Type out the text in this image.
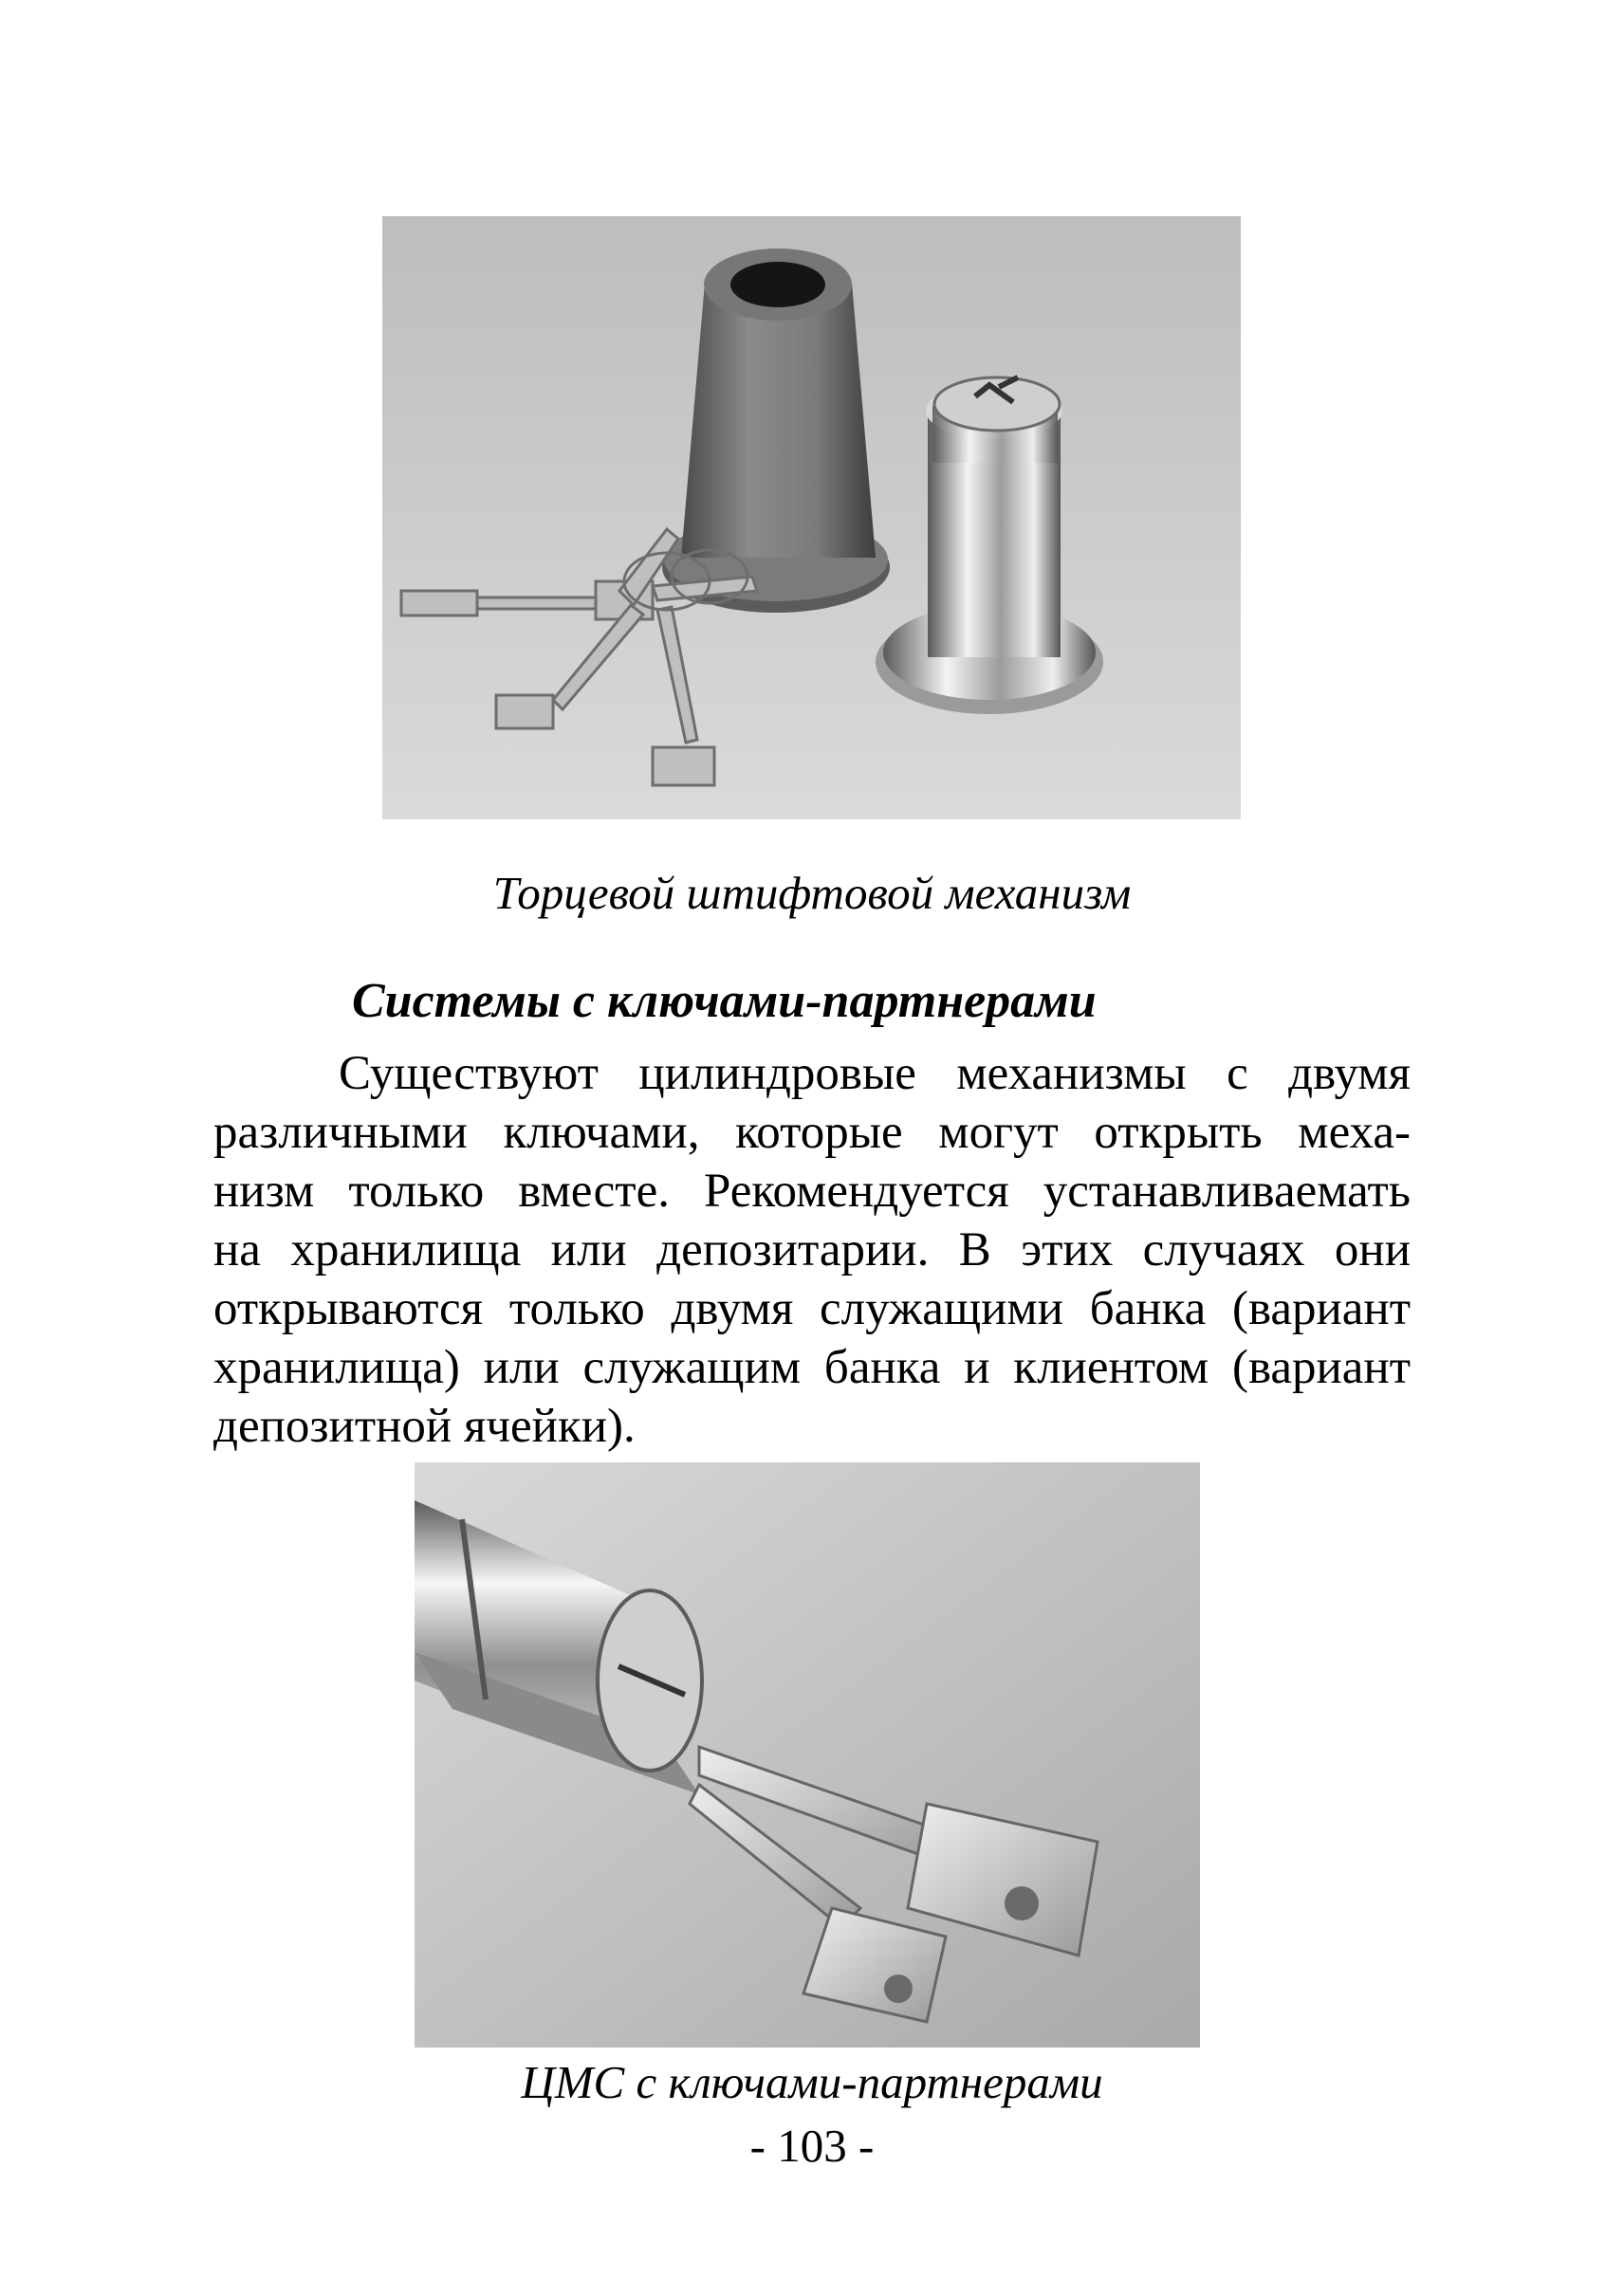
Торцевой штифтовой механизм
Системы с ключами-партнерами
Существуют цилиндровые механизмы с двумя
различными ключами, которые могут открыть меха-
низм только вместе. Рекомендуется устанавливаемать
на хранилища или депозитарии. В этих случаях они
открываются только двумя служащими банка (вариант
хранилища) или служащим банка и клиентом (вариант
депозитной ячейки).
ЦМС с ключами-партнерами
- 103 -
